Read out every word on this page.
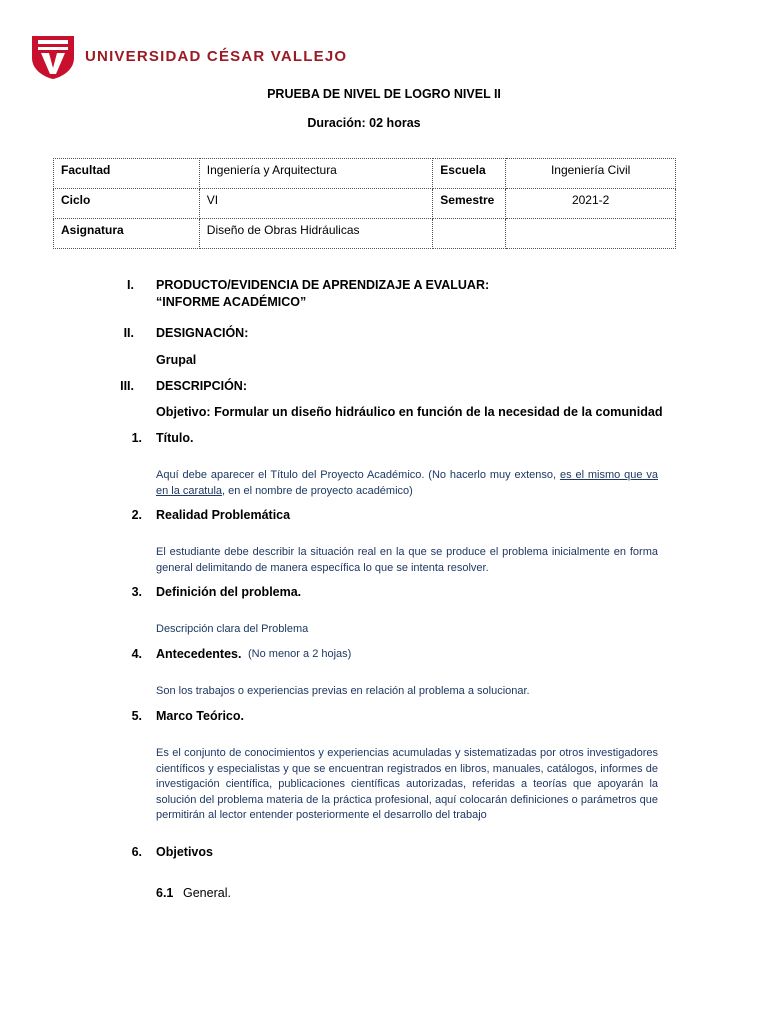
UNIVERSIDAD CÉSAR VALLEJO
PRUEBA DE NIVEL DE LOGRO NIVEL II
Duración: 02 horas
Facultad	Ingeniería y Arquitectura	Escuela	Ingeniería Civil
Ciclo	VI	Semestre	2021-2
Asignatura	Diseño de Obras Hidráulicas		
I. PRODUCTO/EVIDENCIA DE APRENDIZAJE A EVALUAR:
“INFORME ACADÉMICO”
II. DESIGNACIÓN:
Grupal
III. DESCRIPCIÓN:
Objetivo: Formular un diseño hidráulico en función de la necesidad de la comunidad
1. Título.
Aquí debe aparecer el Título del Proyecto Académico. (No hacerlo muy extenso, es el mismo que va en la caratula, en el nombre de proyecto académico)
2. Realidad Problemática
El estudiante debe describir la situación real en la que se produce el problema inicialmente en forma general delimitando de manera específica lo que se intenta resolver.
3. Definición del problema.
Descripción clara del Problema
4. Antecedentes. (No menor a 2 hojas)
Son los trabajos o experiencias previas en relación al problema a solucionar.
5. Marco Teórico.
Es el conjunto de conocimientos y experiencias acumuladas y sistematizadas por otros investigadores científicos y especialistas y que se encuentran registrados en libros, manuales, catálogos, informes de investigación científica, publicaciones científicas autorizadas, referidas a teorías que apoyarán la solución del problema materia de la práctica profesional, aquí colocarán definiciones o parámetros que permitirán al lector entender posteriormente el desarrollo del trabajo
6. Objetivos
6.1 General.
